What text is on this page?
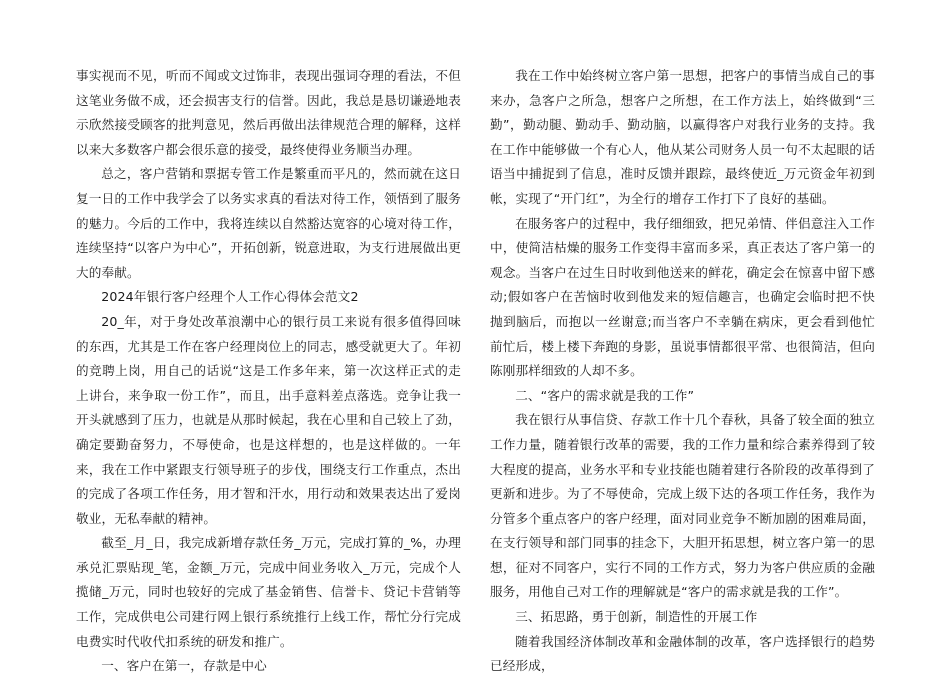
事实视而不见，听而不闻或文过饰非，表现出强词夺理的看法，不但这笔业务做不成，还会损害支行的信誉。因此，我总是恳切谦逊地表示欣然接受顾客的批判意见，然后再做出法律规范合理的解释，这样以来大多数客户都会很乐意的接受，最终使得业务顺当办理。

总之，客户营销和票据专管工作是繁重而平凡的，然而就在这日复一日的工作中我学会了以务实求真的看法对待工作，领悟到了服务的魅力。今后的工作中，我将连续以自然豁达宽容的心境对待工作，连续坚持“以客户为中心”，开拓创新，锐意进取，为支行进展做出更大的奉献。

2024年银行客户经理个人工作心得体会范文2

20_年，对于身处改革浪潮中心的银行员工来说有很多值得回味的东西，尤其是工作在客户经理岗位上的同志，感受就更大了。年初的竞聘上岗，用自己的话说“这是工作多年来，第一次这样正式的走上讲台，来争取一份工作”，而且，出手意料差点落选。竞争让我一开头就感到了压力，也就是从那时候起，我在心里和自己较上了劲，确定要勤奋努力，不辱使命，也是这样想的，也是这样做的。一年来，我在工作中紧跟支行领导班子的步伐，围绕支行工作重点，杰出的完成了各项工作任务，用才智和汗水，用行动和效果表达出了爱岗敬业，无私奉献的精神。

截至_月_日，我完成新增存款任务_万元，完成打算的_%，办理承兑汇票贴现_笔，金额_万元，完成中间业务收入_万元，完成个人揽储_万元，同时也较好的完成了基金销售、信誉卡、贷记卡营销等工作，完成供电公司建行网上银行系统推行上线工作，帮忙分行完成电费实时代收代扣系统的研发和推广。

一、客户在第一，存款是中心

我在工作中始终树立客户第一思想，把客户的事情当成自己的事来办，急客户之所急，想客户之所想，在工作方法上，始终做到“三勤”，勤动腿、勤动手、勤动脑，以赢得客户对我行业务的支持。我在工作中能够做一个有心人，他从某公司财务人员一句不太起眼的话语当中捕捉到了信息，准时反馈并跟踪，最终使近_万元资金年初到帐，实现了“开门红”，为全行的增存工作打下了良好的基础。

在服务客户的过程中，我仔细细致，把兄弟情、伴侣意注入工作中，使简洁枯燥的服务工作变得丰富而多采，真正表达了客户第一的观念。当客户在过生日时收到他送来的鲜花，确定会在惊喜中留下感动;假如客户在苦恼时收到他发来的短信趣言，也确定会临时把不快抛到脑后，而抱以一丝谢意;而当客户不幸躺在病床，更会看到他忙前忙后，楼上楼下奔跑的身影，虽说事情都很平常、也很简洁，但向陈刚那样细致的人却不多。

二、“客户的需求就是我的工作”

我在银行从事信贷、存款工作十几个春秋，具备了较全面的独立工作力量，随着银行改革的需要，我的工作力量和综合素养得到了较大程度的提高，业务水平和专业技能也随着建行各阶段的改革得到了更新和进步。为了不辱使命，完成上级下达的各项工作任务，我作为分管多个重点客户的客户经理，面对同业竞争不断加剧的困难局面，在支行领导和部门同事的挂念下，大胆开拓思想，树立客户第一的思想，征对不同客户，实行不同的工作方式，努力为客户供应质的金融服务，用他自己对工作的理解就是“客户的需求就是我的工作”。

三、拓思路，勇于创新，制造性的开展工作

随着我国经济体制改革和金融体制的改革，客户选择银行的趋势已经形成，
